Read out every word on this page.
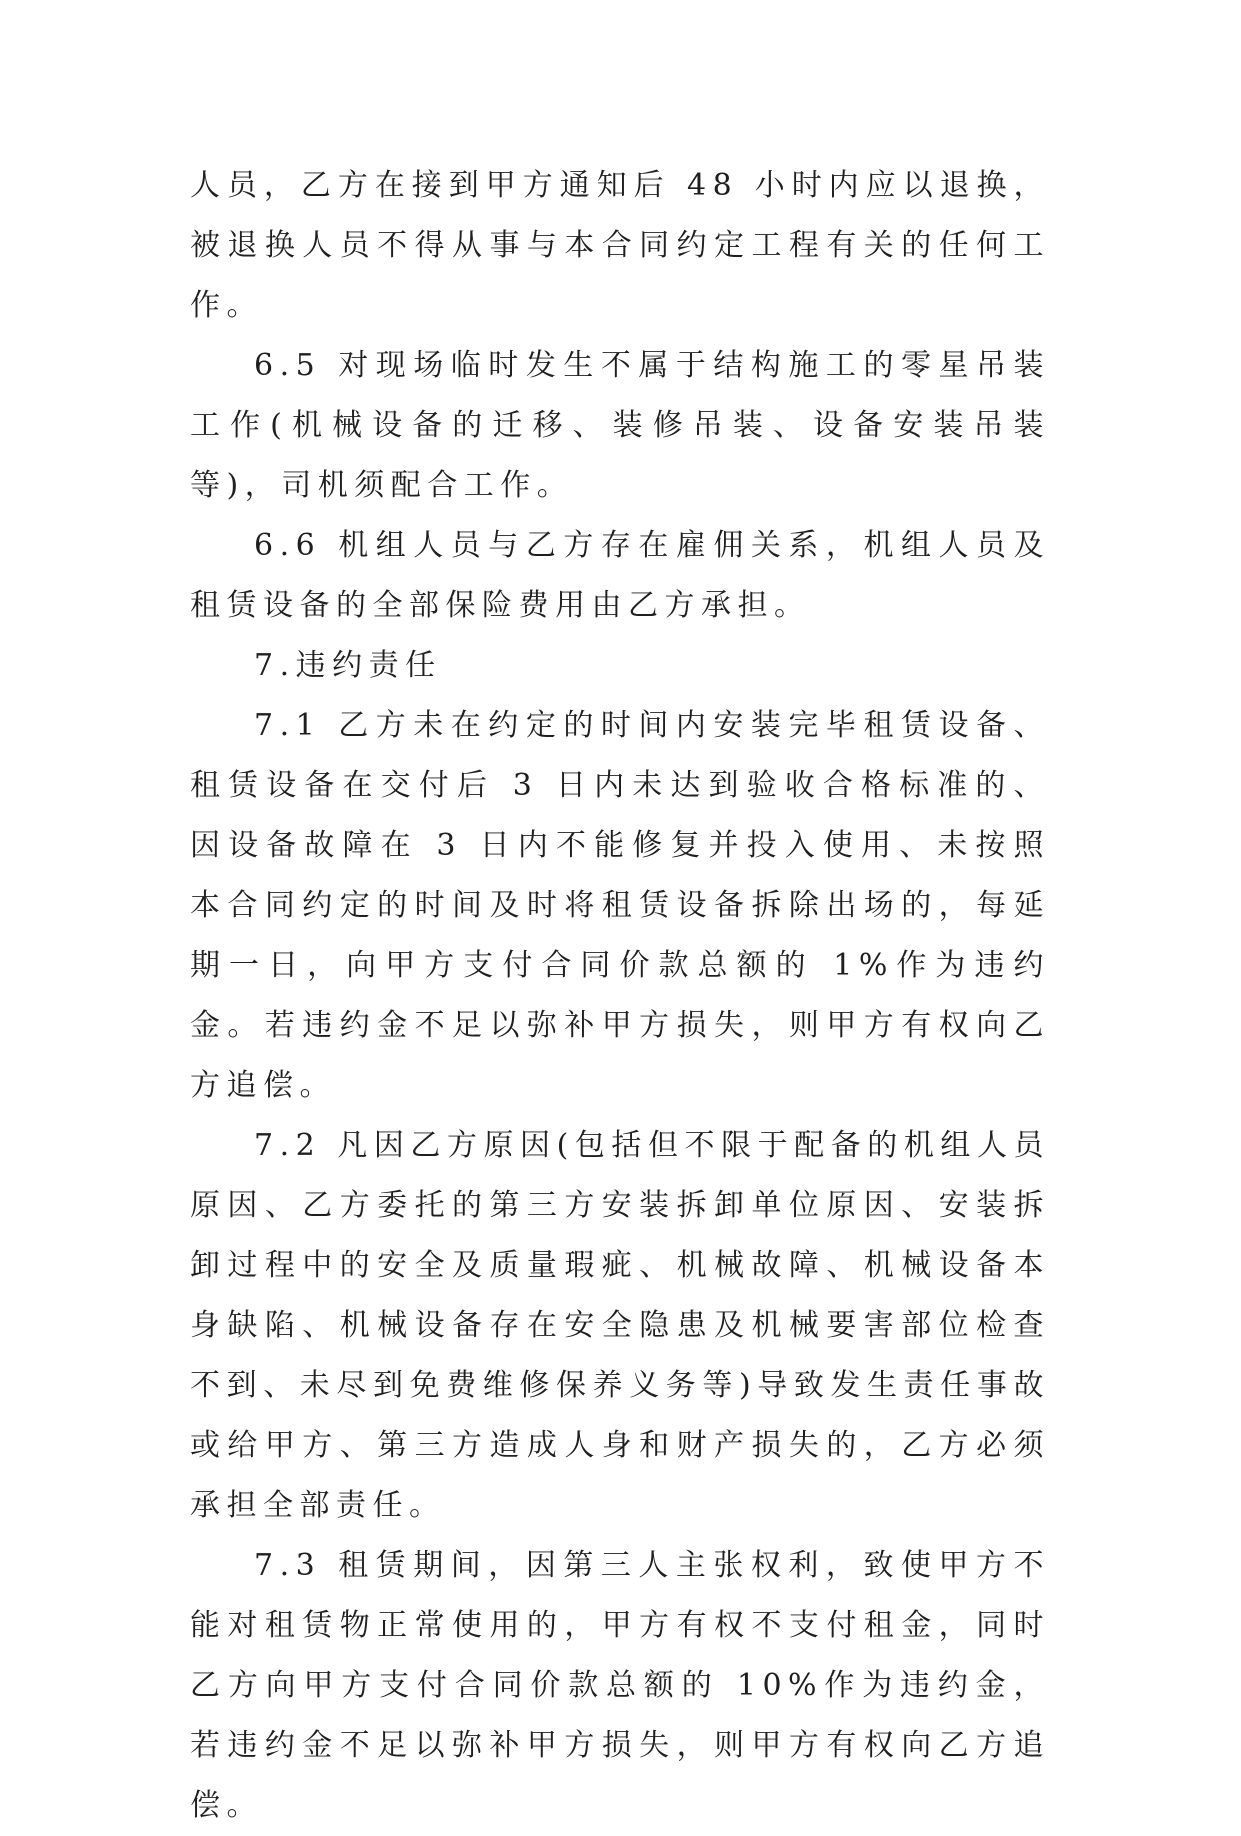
人员，乙方在接到甲方通知后 48 小时内应以退换，被退换人员不得从事与本合同约定工程有关的任何工作。

6.5 对现场临时发生不属于结构施工的零星吊装工作(机械设备的迁移、装修吊装、设备安装吊装等)，司机须配合工作。

6.6 机组人员与乙方存在雇佣关系，机组人员及租赁设备的全部保险费用由乙方承担。

7.违约责任

7.1 乙方未在约定的时间内安装完毕租赁设备、租赁设备在交付后 3 日内未达到验收合格标准的、因设备故障在 3 日内不能修复并投入使用、未按照本合同约定的时间及时将租赁设备拆除出场的，每延期一日，向甲方支付合同价款总额的 1%作为违约金。若违约金不足以弥补甲方损失，则甲方有权向乙方追偿。

7.2 凡因乙方原因(包括但不限于配备的机组人员原因、乙方委托的第三方安装拆卸单位原因、安装拆卸过程中的安全及质量瑕疵、机械故障、机械设备本身缺陷、机械设备存在安全隐患及机械要害部位检查不到、未尽到免费维修保养义务等)导致发生责任事故或给甲方、第三方造成人身和财产损失的，乙方必须承担全部责任。

7.3 租赁期间，因第三人主张权利，致使甲方不能对租赁物正常使用的，甲方有权不支付租金，同时乙方向甲方支付合同价款总额的 10%作为违约金，若违约金不足以弥补甲方损失，则甲方有权向乙方追偿。
